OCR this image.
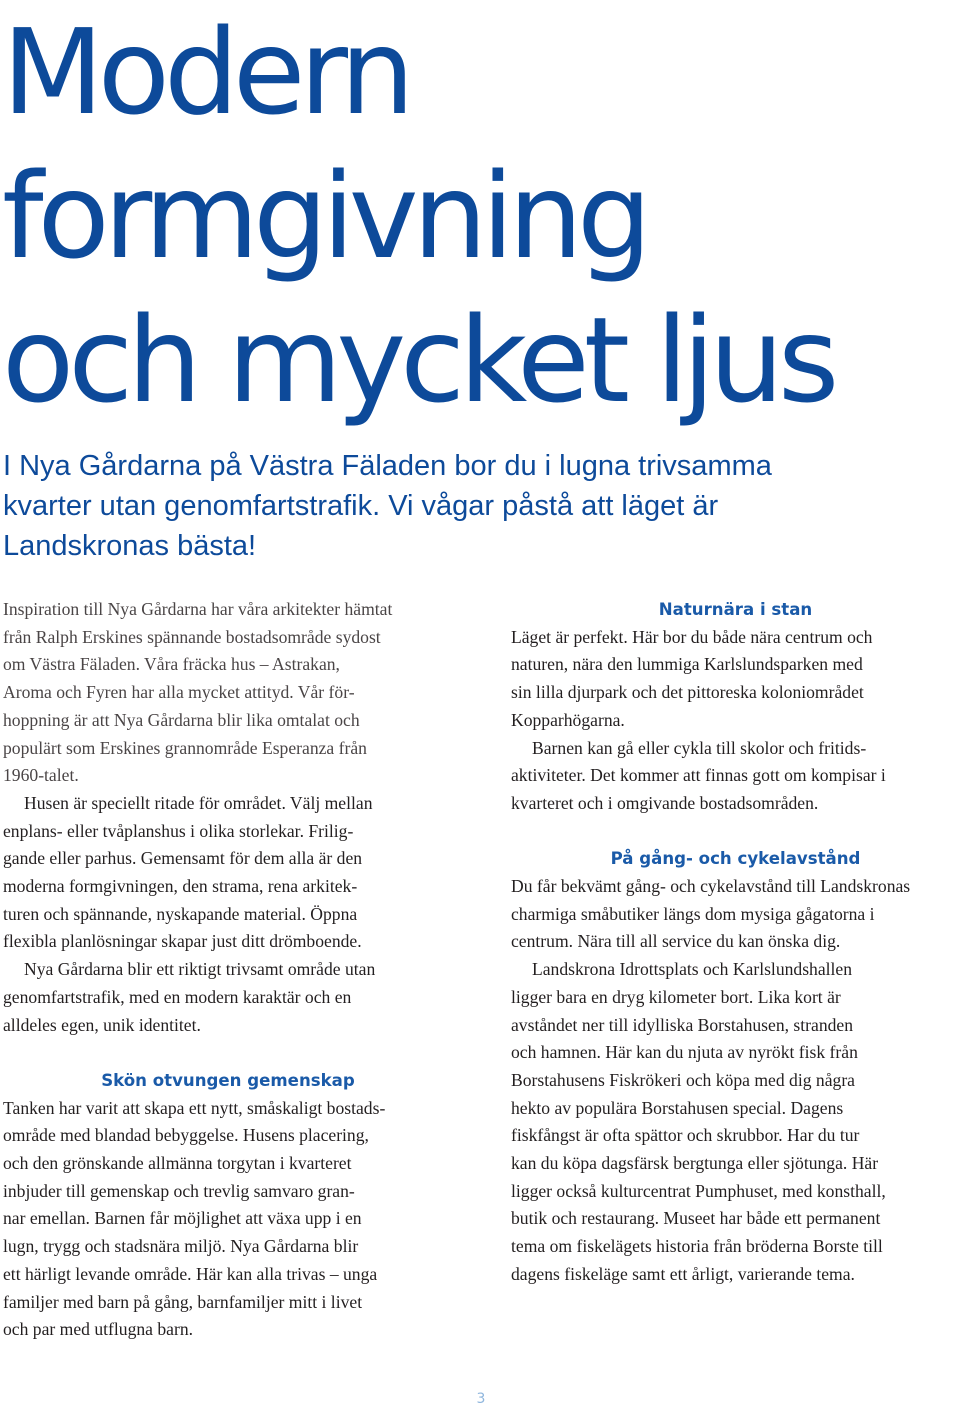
Modern
formgivning
och mycket ljus

I Nya Gårdarna på Västra Fäladen bor du i lugna trivsamma
kvarter utan genomfartstrafik. Vi vågar påstå att läget är
Landskronas bästa!

Inspiration till Nya Gårdarna har våra arkitekter hämtat
från Ralph Erskines spännande bostadsområde sydost
om Västra Fäladen. Våra fräcka hus – Astrakan,
Aroma och Fyren har alla mycket attityd. Vår för-
hoppning är att Nya Gårdarna blir lika omtalat och
populärt som Erskines grannområde Esperanza från
1960-talet.
Husen är speciellt ritade för området. Välj mellan
enplans- eller tvåplanshus i olika storlekar. Frilig-
gande eller parhus. Gemensamt för dem alla är den
moderna formgivningen, den strama, rena arkitek-
turen och spännande, nyskapande material. Öppna
flexibla planlösningar skapar just ditt drömboende.
Nya Gårdarna blir ett riktigt trivsamt område utan
genomfartstrafik, med en modern karaktär och en
alldeles egen, unik identitet.
Skön otvungen gemenskap
Tanken har varit att skapa ett nytt, småskaligt bostads-
område med blandad bebyggelse. Husens placering,
och den grönskande allmänna torgytan i kvarteret
inbjuder till gemenskap och trevlig samvaro gran-
nar emellan. Barnen får möjlighet att växa upp i en
lugn, trygg och stadsnära miljö. Nya Gårdarna blir
ett härligt levande område. Här kan alla trivas – unga
familjer med barn på gång, barnfamiljer mitt i livet
och par med utflugna barn.
Naturnära i stan
Läget är perfekt. Här bor du både nära centrum och
naturen, nära den lummiga Karlslundsparken med
sin lilla djurpark och det pittoreska koloniområdet
Kopparhögarna.
Barnen kan gå eller cykla till skolor och fritids-
aktiviteter. Det kommer att finnas gott om kompisar i
kvarteret och i omgivande bostadsområden.
På gång- och cykelavstånd
Du får bekvämt gång- och cykelavstånd till Landskronas
charmiga småbutiker längs dom mysiga gågatorna i
centrum. Nära till all service du kan önska dig.
Landskrona Idrottsplats och Karlslundshallen
ligger bara en dryg kilometer bort. Lika kort är
avståndet ner till idylliska Borstahusen, stranden
och hamnen. Här kan du njuta av nyrökt fisk från
Borstahusens Fiskrökeri och köpa med dig några
hekto av populära Borstahusen special. Dagens
fiskfångst är ofta spättor och skrubbor. Har du tur
kan du köpa dagsfärsk bergtunga eller sjötunga. Här
ligger också kulturcentrat Pumphuset, med konsthall,
butik och restaurang. Museet har både ett permanent
tema om fiskelägets historia från bröderna Borste till
dagens fiskeläge samt ett årligt, varierande tema.
3
